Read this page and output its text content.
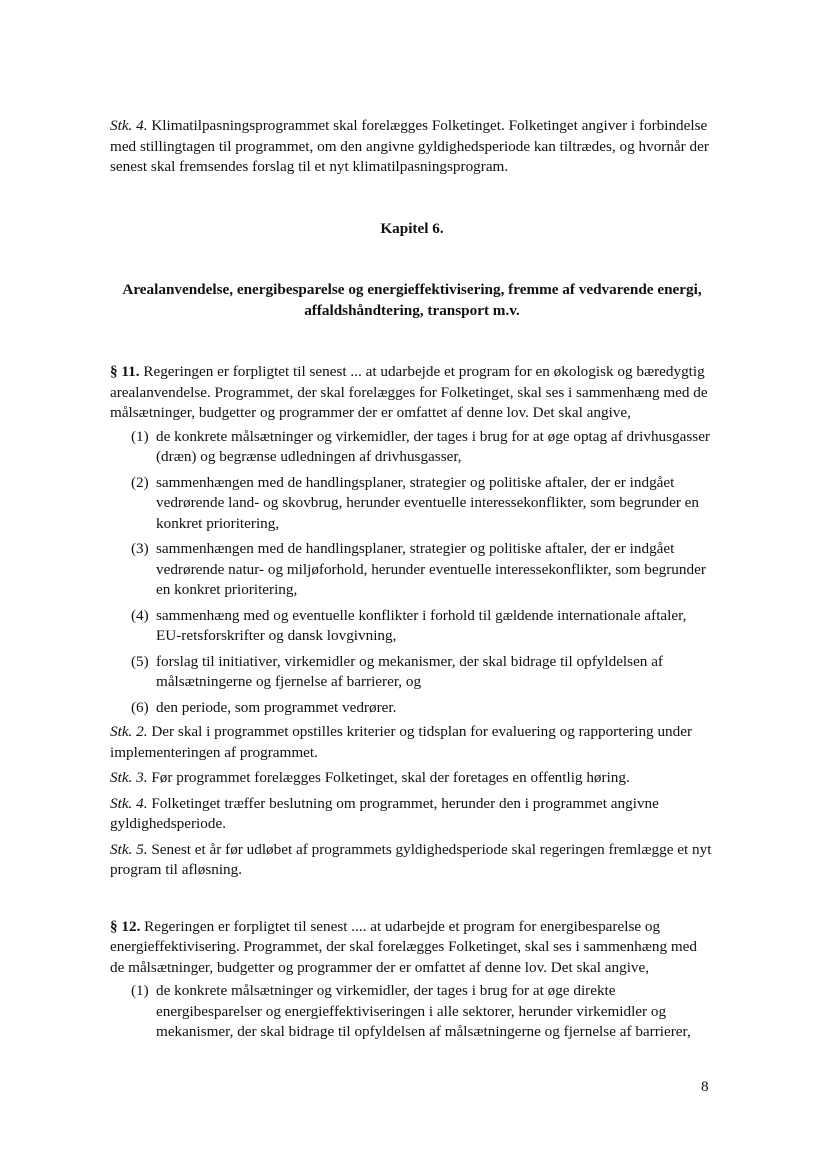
Stk. 4. Klimatilpasningsprogrammet skal forelægges Folketinget. Folketinget angiver i forbindelse med stillingtagen til programmet, om den angivne gyldighedsperiode kan tiltrædes, og hvornår der senest skal fremsendes forslag til et nyt klimatilpasningsprogram.

Kapitel 6.

Arealanvendelse, energibesparelse og energieffektivisering, fremme af vedvarende energi, affaldshåndtering, transport m.v.

§ 11. Regeringen er forpligtet til senest ... at udarbejde et program for en økologisk og bæredygtig arealanvendelse. Programmet, der skal forelægges for Folketinget, skal ses i sammenhæng med de målsætninger, budgetter og programmer der er omfattet af denne lov. Det skal angive,

(1) de konkrete målsætninger og virkemidler, der tages i brug for at øge optag af drivhusgasser (dræn) og begrænse udledningen af drivhusgasser,
(2) sammenhængen med de handlingsplaner, strategier og politiske aftaler, der er indgået vedrørende land- og skovbrug, herunder eventuelle interessekonflikter, som begrunder en konkret prioritering,
(3) sammenhængen med de handlingsplaner, strategier og politiske aftaler, der er indgået vedrørende natur- og miljøforhold, herunder eventuelle interessekonflikter, som begrunder en konkret prioritering,
(4) sammenhæng med og eventuelle konflikter i forhold til gældende internationale aftaler, EU-retsforskrifter og dansk lovgivning,
(5) forslag til initiativer, virkemidler og mekanismer, der skal bidrage til opfyldelsen af målsætningerne og fjernelse af barrierer, og
(6) den periode, som programmet vedrører.

Stk. 2. Der skal i programmet opstilles kriterier og tidsplan for evaluering og rapportering under implementeringen af programmet.

Stk. 3. Før programmet forelægges Folketinget, skal der foretages en offentlig høring.

Stk. 4. Folketinget træffer beslutning om programmet, herunder den i programmet angivne gyldighedsperiode.

Stk. 5. Senest et år før udløbet af programmets gyldighedsperiode skal regeringen fremlægge et nyt program til afløsning.

§ 12. Regeringen er forpligtet til senest .... at udarbejde et program for energibesparelse og energieffektivisering. Programmet, der skal forelægges Folketinget, skal ses i sammenhæng med de målsætninger, budgetter og programmer der er omfattet af denne lov. Det skal angive,

(1) de konkrete målsætninger og virkemidler, der tages i brug for at øge direkte energibesparelser og energieffektiviseringen i alle sektorer, herunder virkemidler og mekanismer, der skal bidrage til opfyldelsen af målsætningerne og fjernelse af barrierer,
8
